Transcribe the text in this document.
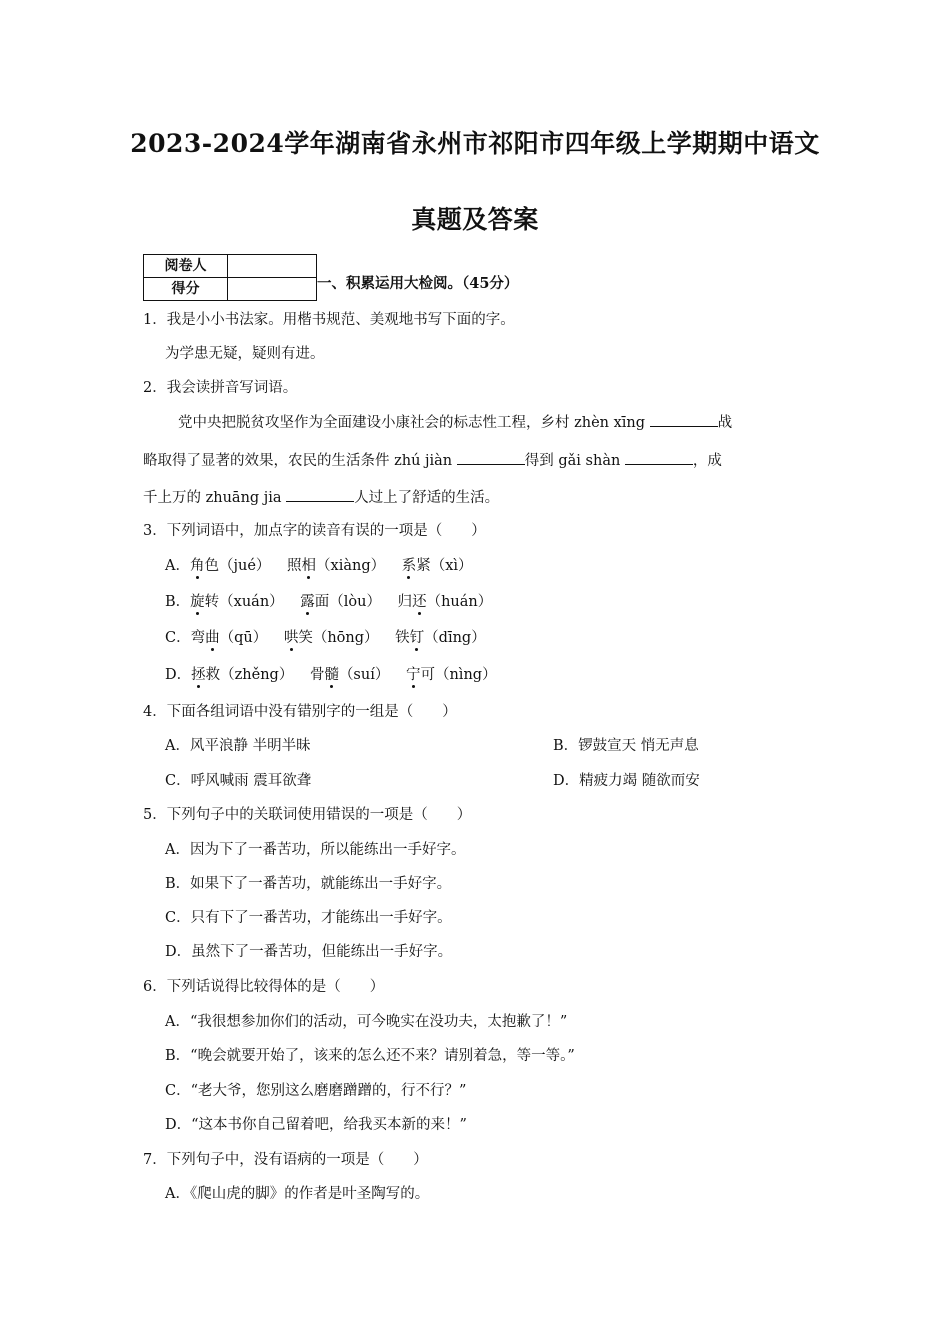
2023-2024学年湖南省永州市祁阳市四年级上学期期中语文
真题及答案
阅卷人	
得分		一、积累运用大检阅。（45分）
1．我是小小书法家。用楷书规范、美观地书写下面的字。
为学患无疑，疑则有进。
2．我会读拼音写词语。
党中央把脱贫攻坚作为全面建设小康社会的标志性工程，乡村 zhèn xīng	战
略取得了显著的效果，农民的生活条件 zhú jiàn	得到 gǎi shàn	，成
千上万的 zhuāng jia	人过上了舒适的生活。
3．下列词语中，加点字的读音有误的一项是（　　）
A．角色（jué） 照相（xiàng） 系紧（xì）
B．旋转（xuán） 露面（lòu） 归还（huán）
C．弯曲（qū） 哄笑（hōng） 铁钉（dīng）
D．拯救（zhěng） 骨髓（suí） 宁可（nìng）
4．下面各组词语中没有错别字的一组是（　　）
A．风平浪静 半明半昧	B．锣鼓宣天 悄无声息
C．呼风喊雨 震耳欲聋	D．精疲力竭 随欲而安
5．下列句子中的关联词使用错误的一项是（　　）
A．因为下了一番苦功，所以能练出一手好字。
B．如果下了一番苦功，就能练出一手好字。
C．只有下了一番苦功，才能练出一手好字。
D．虽然下了一番苦功，但能练出一手好字。
6．下列话说得比较得体的是（　　）
A．“我很想参加你们的活动，可今晚实在没功夫，太抱歉了！”
B．“晚会就要开始了，该来的怎么还不来？请别着急，等一等。”
C．“老大爷，您别这么磨磨蹭蹭的，行不行？”
D．“这本书你自己留着吧，给我买本新的来！”
7．下列句子中，没有语病的一项是（　　）
A．《爬山虎的脚》的作者是叶圣陶写的。
